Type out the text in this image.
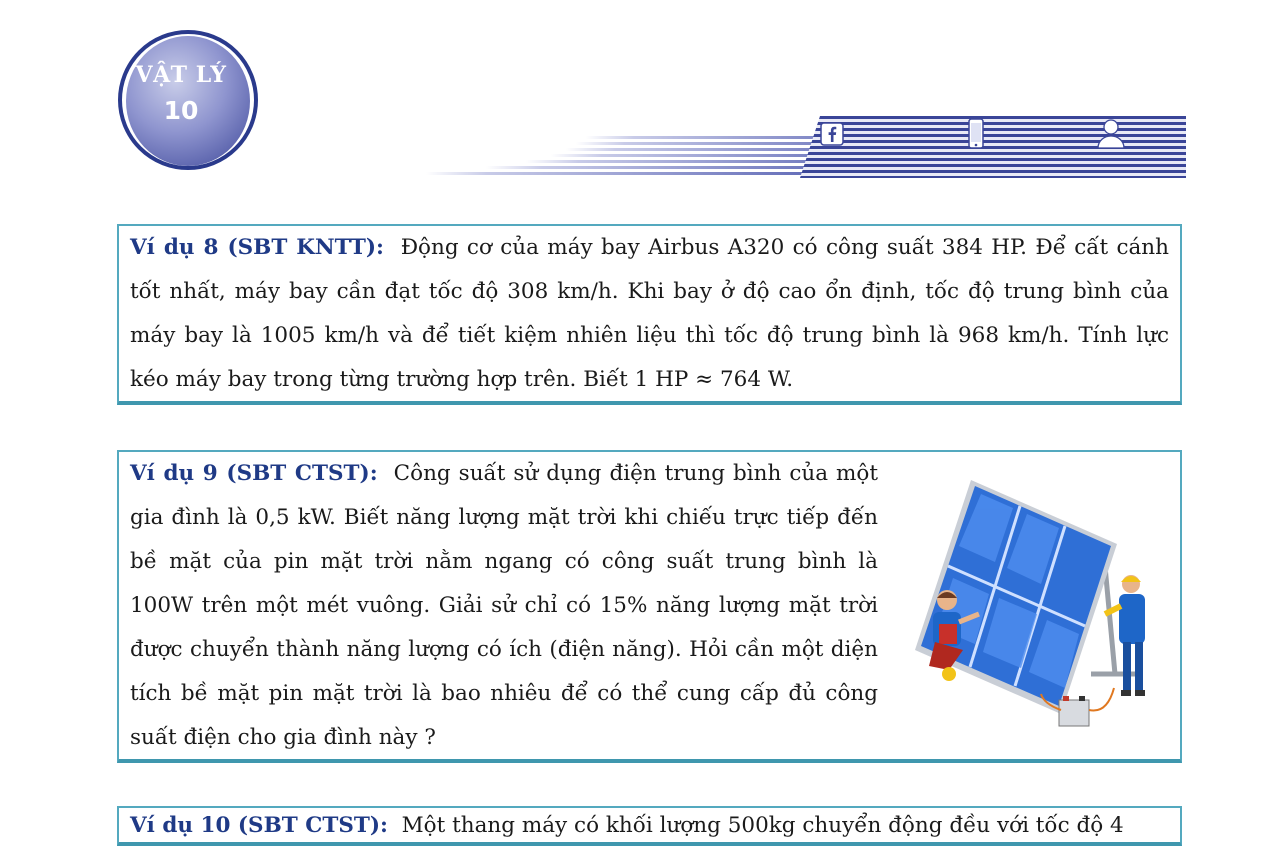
VẬT LÝ
10

Ví dụ 8 (SBT KNTT): Động cơ của máy bay Airbus A320 có công suất 384 HP. Để cất cánh tốt nhất, máy bay cần đạt tốc độ 308 km/h. Khi bay ở độ cao ổn định, tốc độ trung bình của máy bay là 1005 km/h và để tiết kiệm nhiên liệu thì tốc độ trung bình là 968 km/h. Tính lực kéo máy bay trong từng trường hợp trên. Biết 1 HP ≈ 764 W.

Ví dụ 9 (SBT CTST): Công suất sử dụng điện trung bình của một gia đình là 0,5 kW. Biết năng lượng mặt trời khi chiếu trực tiếp đến bề mặt của pin mặt trời nằm ngang có công suất trung bình là 100W trên một mét vuông. Giải sử chỉ có 15% năng lượng mặt trời được chuyển thành năng lượng có ích (điện năng). Hỏi cần một diện tích bề mặt pin mặt trời là bao nhiêu để có thể cung cấp đủ công suất điện cho gia đình này ?

Ví dụ 10 (SBT CTST): Một thang máy có khối lượng 500kg chuyển động đều với tốc độ 4
